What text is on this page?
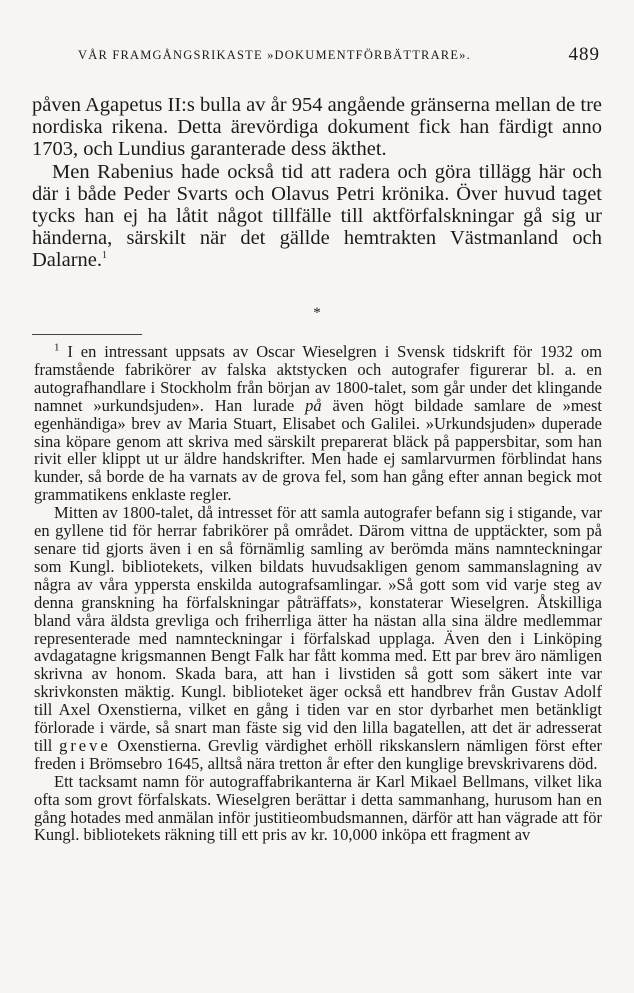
VÅR FRAMGÅNGSRIKASTE »DOKUMENTFÖRBÄTTRARE».	489

påven Agapetus II:s bulla av år 954 angående gränserna mellan de tre nordiska rikena. Detta ärevördiga dokument fick han färdigt anno 1703, och Lundius garanterade dess äkthet.

Men Rabenius hade också tid att radera och göra tillägg här och där i både Peder Svarts och Olavus Petri krönika. Över huvud taget tycks han ej ha låtit något tillfälle till aktförfalskningar gå sig ur händerna, särskilt när det gällde hemtrakten Västmanland och Dalarne.$^1$

*

$^1$ I en intressant uppsats av Oscar Wieselgren i Svensk tidskrift för 1932 om framstående fabrikörer av falska aktstycken och autografer figurerar bl. a. en autografhandlare i Stockholm från början av 1800-talet, som går under det klingande namnet »urkundsjuden». Han lurade på även högt bildade samlare de »mest egenhändiga» brev av Maria Stuart, Elisabet och Galilei. »Urkundsjuden» duperade sina köpare genom att skriva med särskilt preparerat bläck på pappersbitar, som han rivit eller klippt ut ur äldre handskrifter. Men hade ej samlarvurmen förblindat hans kunder, så borde de ha varnats av de grova fel, som han gång efter annan begick mot grammatikens enklaste regler.

Mitten av 1800-talet, då intresset för att samla autografer befann sig i stigande, var en gyllene tid för herrar fabrikörer på området. Därom vittna de upptäckter, som på senare tid gjorts även i en så förnämlig samling av berömda mäns namnteckningar som Kungl. bibliotekets, vilken bildats huvudsakligen genom sammanslagning av några av våra yppersta enskilda autografsamlingar. »Så gott som vid varje steg av denna granskning ha förfalskningar påträffats», konstaterar Wieselgren. Åtskilliga bland våra äldsta grevliga och friherrliga ätter ha nästan alla sina äldre medlemmar representerade med namnteckningar i förfalskad upplaga. Även den i Linköping avdagatagne krigsmannen Bengt Falk har fått komma med. Ett par brev äro nämligen skrivna av honom. Skada bara, att han i livstiden så gott som säkert inte var skrivkonsten mäktig. Kungl. biblioteket äger också ett handbrev från Gustav Adolf till Axel Oxenstierna, vilket en gång i tiden var en stor dyrbarhet men betänkligt förlorade i värde, så snart man fäste sig vid den lilla bagatellen, att det är adresserat till greve Oxenstierna. Grevlig värdighet erhöll rikskanslern nämligen först efter freden i Brömsebro 1645, alltså nära tretton år efter den kunglige brevskrivarens död.

Ett tacksamt namn för autograffabrikanterna är Karl Mikael Bellmans, vilket lika ofta som grovt förfalskats. Wieselgren berättar i detta sammanhang, hurusom han en gång hotades med anmälan inför justitieombudsmannen, därför att han vägrade att för Kungl. bibliotekets räkning till ett pris av kr. 10,000 inköpa ett fragment av
